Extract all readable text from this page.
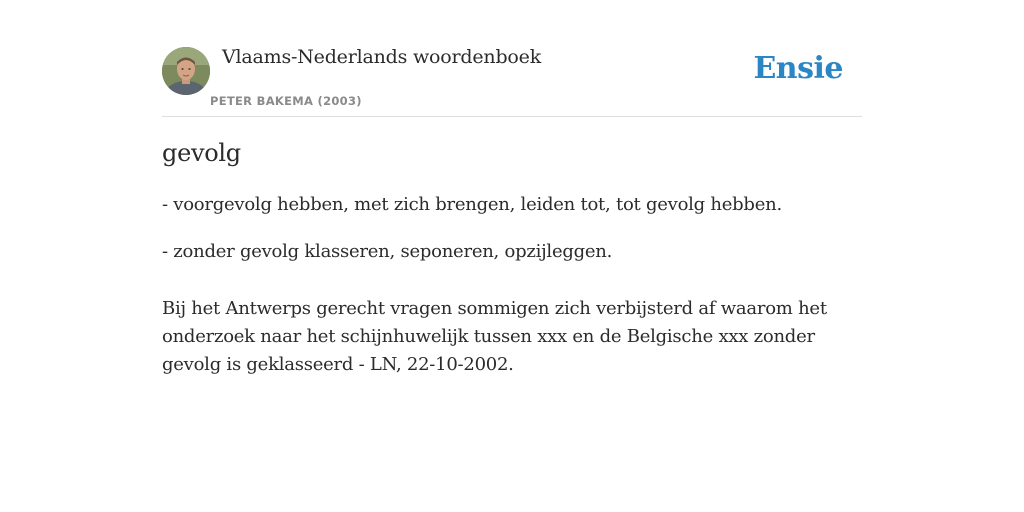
Vlaams-Nederlands woordenboek
PETER BAKEMA (2003)
Ensie
gevolg
- voorgevolg hebben, met zich brengen, leiden tot, tot gevolg hebben.
- zonder gevolg klasseren, seponeren, opzijleggen.

Bij het Antwerps gerecht vragen sommigen zich verbijsterd af waarom het onderzoek naar het schijnhuwelijk tussen xxx en de Belgische xxx zonder gevolg is geklasseerd - LN, 22-10-2002.
